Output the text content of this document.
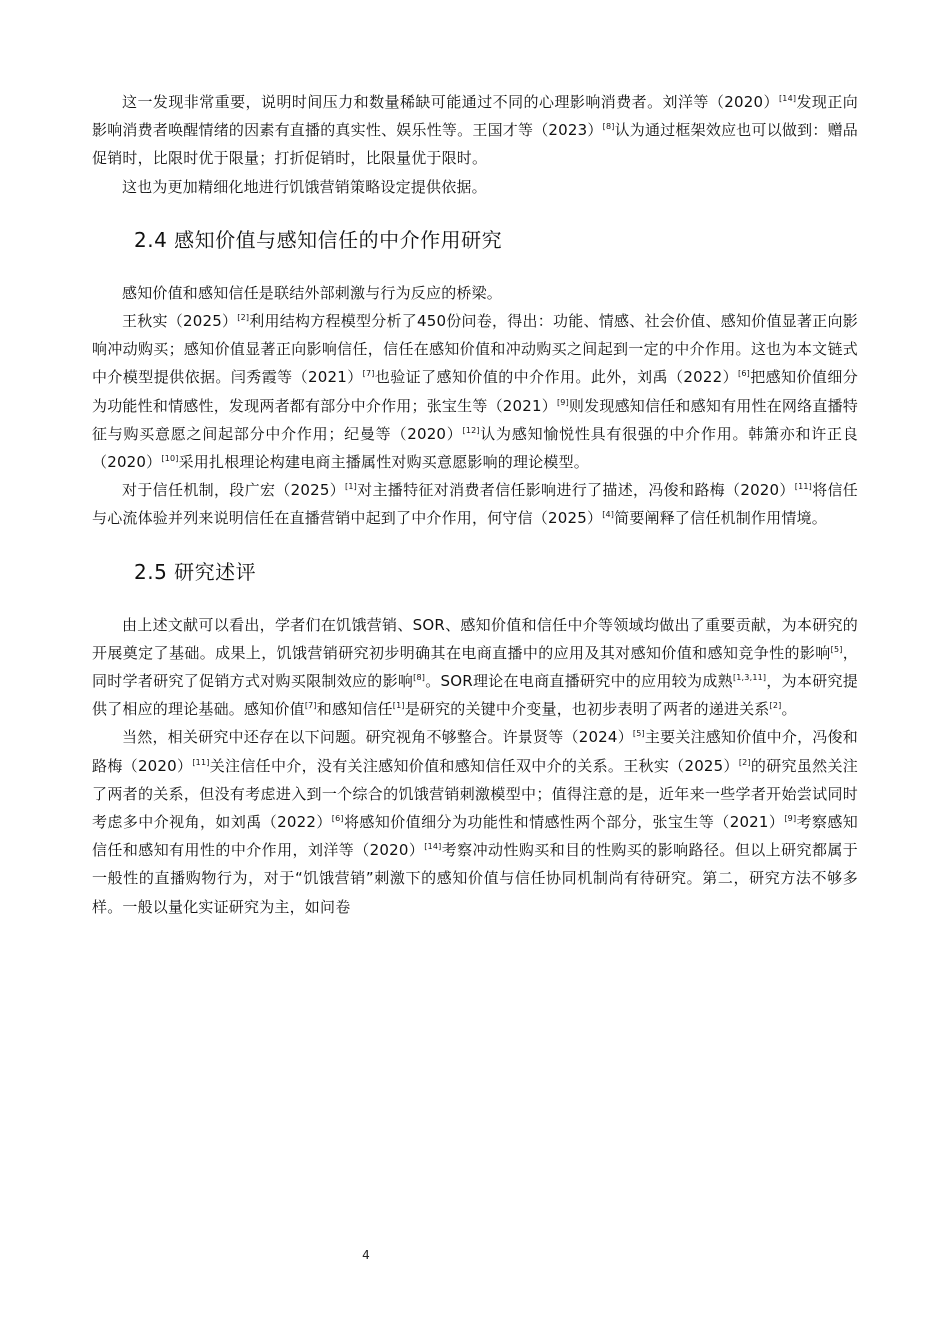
这一发现非常重要，说明时间压力和数量稀缺可能通过不同的心理影响消费者。刘洋等（2020）[14]发现正向影响消费者唤醒情绪的因素有直播的真实性、娱乐性等。王国才等（2023）[8]认为通过框架效应也可以做到：赠品促销时，比限时优于限量；打折促销时，比限量优于限时。

这也为更加精细化地进行饥饿营销策略设定提供依据。

2.4 感知价值与感知信任的中介作用研究

感知价值和感知信任是联结外部刺激与行为反应的桥梁。

王秋实（2025）[2]利用结构方程模型分析了450份问卷，得出：功能、情感、社会价值、感知价值显著正向影响冲动购买；感知价值显著正向影响信任，信任在感知价值和冲动购买之间起到一定的中介作用。这也为本文链式中介模型提供依据。闫秀霞等（2021）[7]也验证了感知价值的中介作用。此外，刘禹（2022）[6]把感知价值细分为功能性和情感性，发现两者都有部分中介作用；张宝生等（2021）[9]则发现感知信任和感知有用性在网络直播特征与购买意愿之间起部分中介作用；纪曼等（2020）[12]认为感知愉悦性具有很强的中介作用。韩箫亦和许正良（2020）[10]采用扎根理论构建电商主播属性对购买意愿影响的理论模型。

对于信任机制，段广宏（2025）[1]对主播特征对消费者信任影响进行了描述，冯俊和路梅（2020）[11]将信任与心流体验并列来说明信任在直播营销中起到了中介作用，何守信（2025）[4]简要阐释了信任机制作用情境。

2.5 研究述评

由上述文献可以看出，学者们在饥饿营销、SOR、感知价值和信任中介等领域均做出了重要贡献，为本研究的开展奠定了基础。成果上，饥饿营销研究初步明确其在电商直播中的应用及其对感知价值和感知竞争性的影响[5]，同时学者研究了促销方式对购买限制效应的影响[8]。SOR理论在电商直播研究中的应用较为成熟[1,3,11]，为本研究提供了相应的理论基础。感知价值[7]和感知信任[1]是研究的关键中介变量，也初步表明了两者的递进关系[2]。

当然，相关研究中还存在以下问题。研究视角不够整合。许景贤等（2024）[5]主要关注感知价值中介，冯俊和路梅（2020）[11]关注信任中介，没有关注感知价值和感知信任双中介的关系。王秋实（2025）[2]的研究虽然关注了两者的关系，但没有考虑进入到一个综合的饥饿营销刺激模型中；值得注意的是，近年来一些学者开始尝试同时考虑多中介视角，如刘禹（2022）[6]将感知价值细分为功能性和情感性两个部分，张宝生等（2021）[9]考察感知信任和感知有用性的中介作用，刘洋等（2020）[14]考察冲动性购买和目的性购买的影响路径。但以上研究都属于一般性的直播购物行为，对于“饥饿营销”刺激下的感知价值与信任协同机制尚有待研究。第二，研究方法不够多样。一般以量化实证研究为主，如问卷

4
